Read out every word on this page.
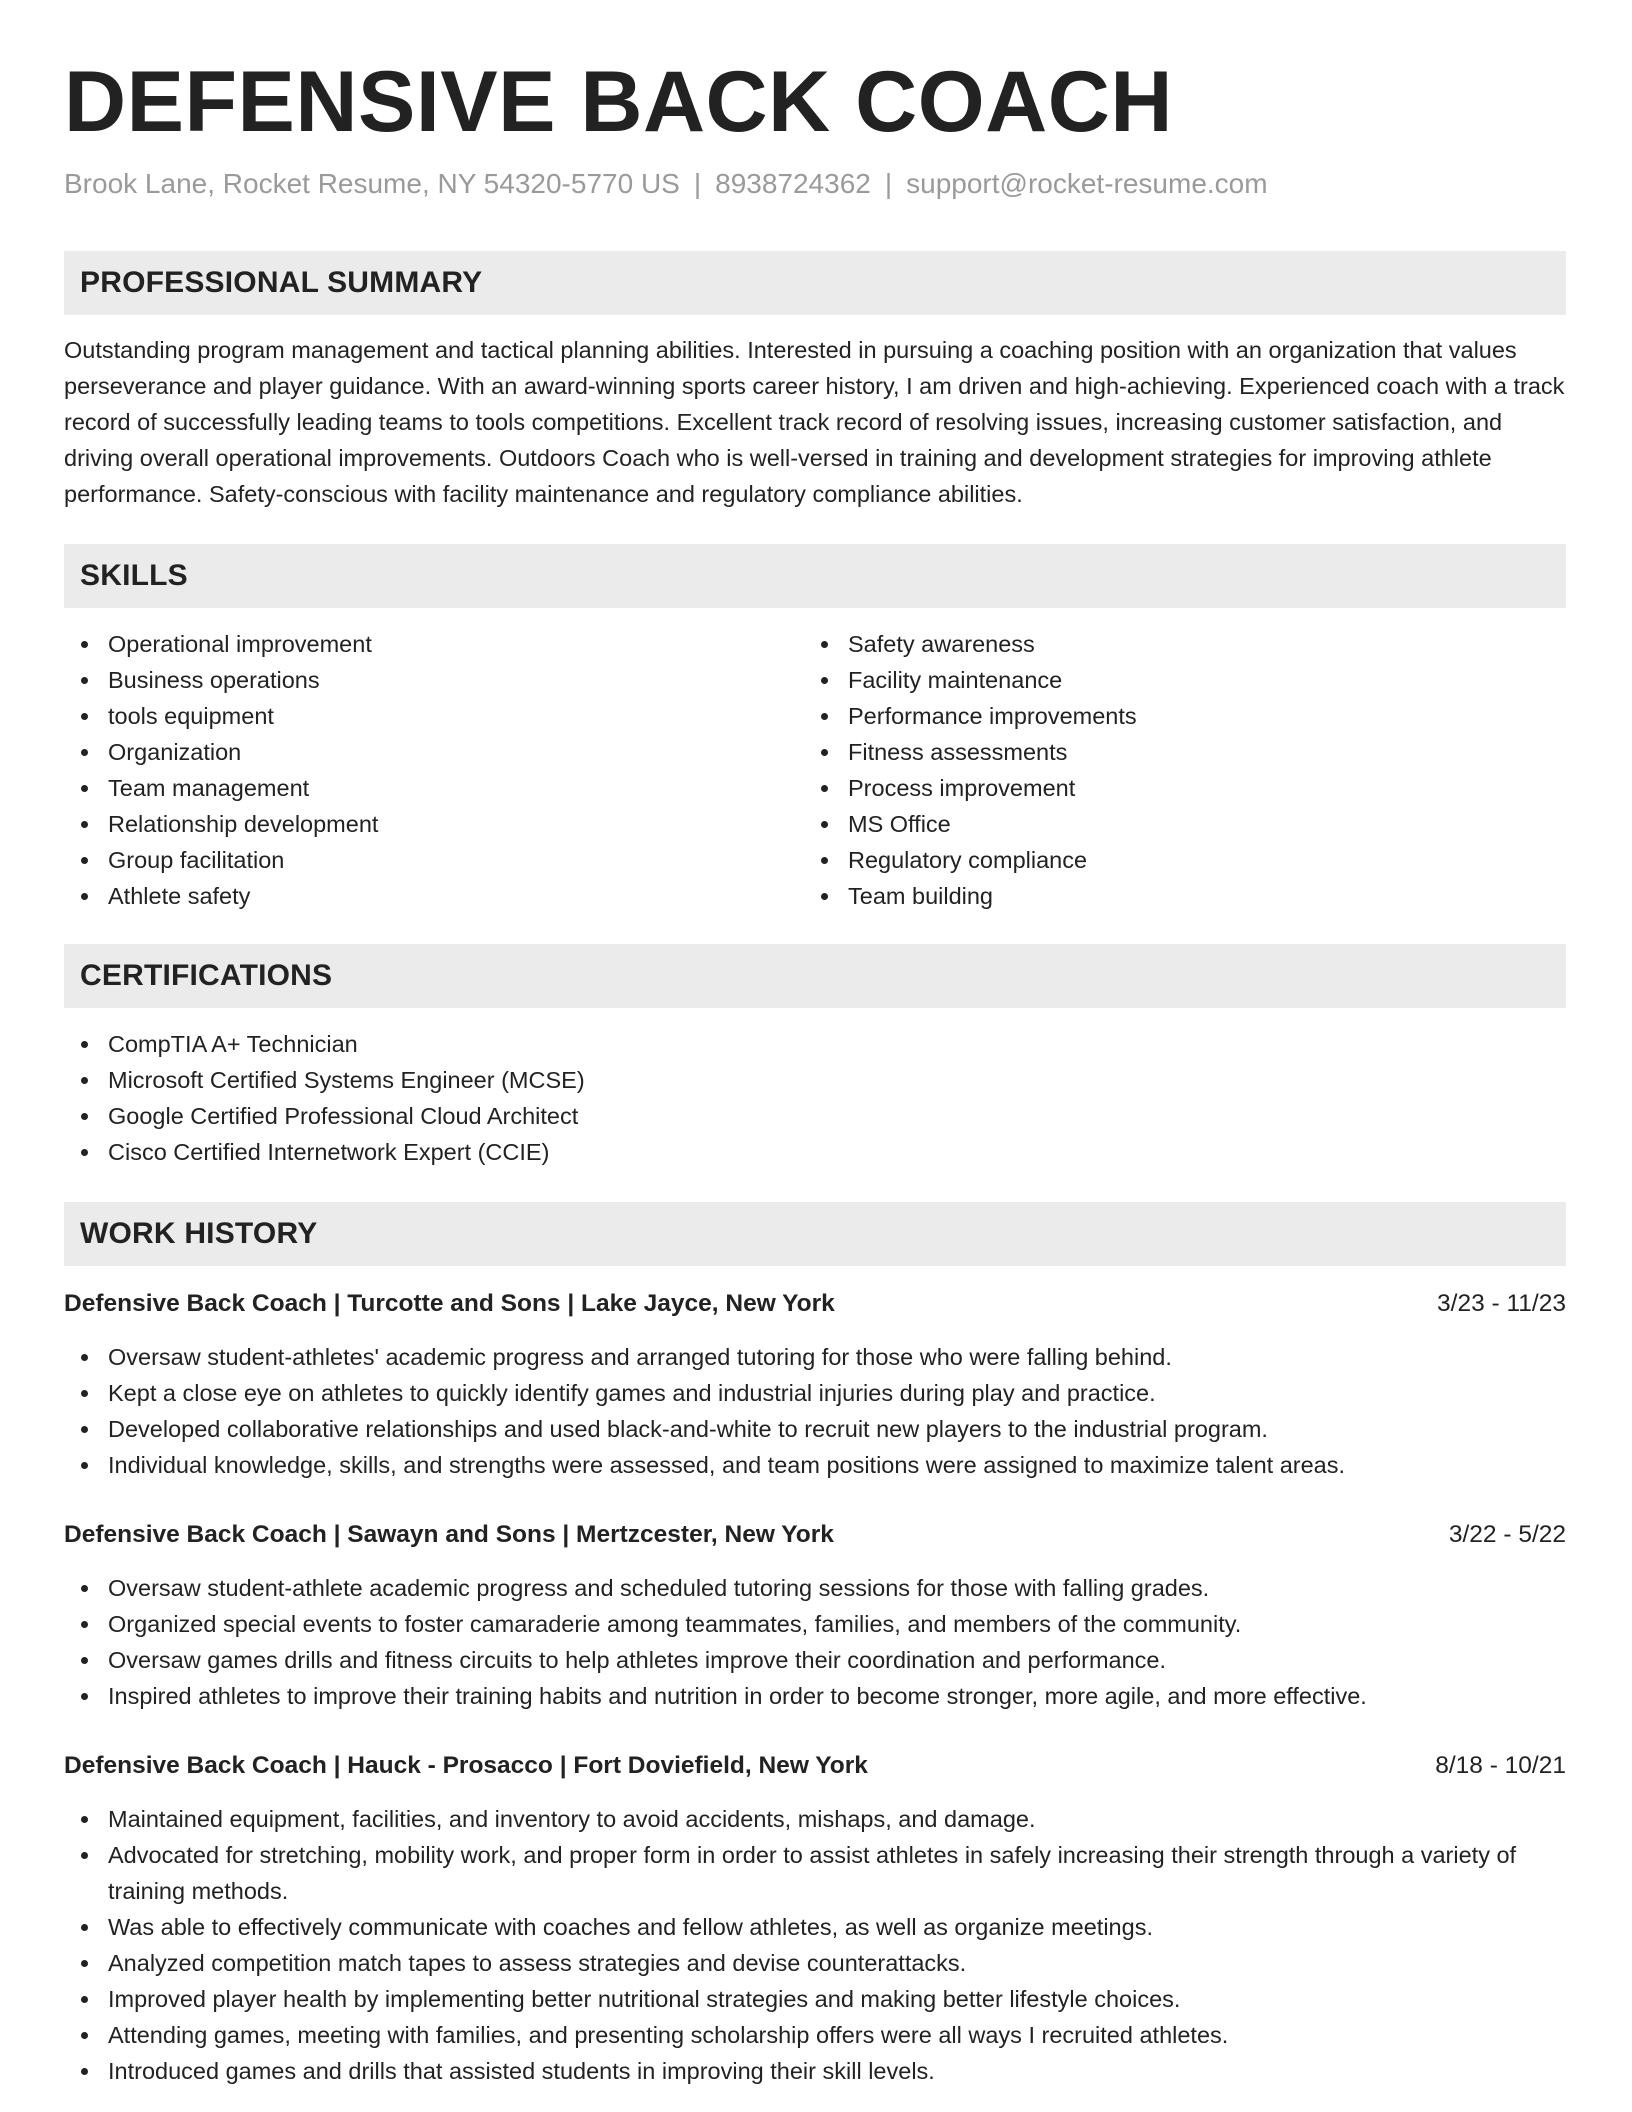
DEFENSIVE BACK COACH
Brook Lane, Rocket Resume, NY 54320-5770 US | 8938724362 | support@rocket-resume.com
PROFESSIONAL SUMMARY

Outstanding program management and tactical planning abilities. Interested in pursuing a coaching position with an organization that values perseverance and player guidance. With an award-winning sports career history, I am driven and high-achieving. Experienced coach with a track record of successfully leading teams to tools competitions. Excellent track record of resolving issues, increasing customer satisfaction, and driving overall operational improvements. Outdoors Coach who is well-versed in training and development strategies for improving athlete performance. Safety-conscious with facility maintenance and regulatory compliance abilities.

SKILLS
Operational improvement
Business operations
tools equipment
Organization
Team management
Relationship development
Group facilitation
Athlete safety
Safety awareness
Facility maintenance
Performance improvements
Fitness assessments
Process improvement
MS Office
Regulatory compliance
Team building
CERTIFICATIONS
CompTIA A+ Technician
Microsoft Certified Systems Engineer (MCSE)
Google Certified Professional Cloud Architect
Cisco Certified Internetwork Expert (CCIE)
WORK HISTORY
Defensive Back Coach | Turcotte and Sons | Lake Jayce, New York	3/23 - 11/23
Oversaw student-athletes' academic progress and arranged tutoring for those who were falling behind.
Kept a close eye on athletes to quickly identify games and industrial injuries during play and practice.
Developed collaborative relationships and used black-and-white to recruit new players to the industrial program.
Individual knowledge, skills, and strengths were assessed, and team positions were assigned to maximize talent areas.
Defensive Back Coach | Sawayn and Sons | Mertzcester, New York	3/22 - 5/22
Oversaw student-athlete academic progress and scheduled tutoring sessions for those with falling grades.
Organized special events to foster camaraderie among teammates, families, and members of the community.
Oversaw games drills and fitness circuits to help athletes improve their coordination and performance.
Inspired athletes to improve their training habits and nutrition in order to become stronger, more agile, and more effective.
Defensive Back Coach | Hauck - Prosacco | Fort Doviefield, New York	8/18 - 10/21
Maintained equipment, facilities, and inventory to avoid accidents, mishaps, and damage.
Advocated for stretching, mobility work, and proper form in order to assist athletes in safely increasing their strength through a variety of training methods.
Was able to effectively communicate with coaches and fellow athletes, as well as organize meetings.
Analyzed competition match tapes to assess strategies and devise counterattacks.
Improved player health by implementing better nutritional strategies and making better lifestyle choices.
Attending games, meeting with families, and presenting scholarship offers were all ways I recruited athletes.
Introduced games and drills that assisted students in improving their skill levels.
